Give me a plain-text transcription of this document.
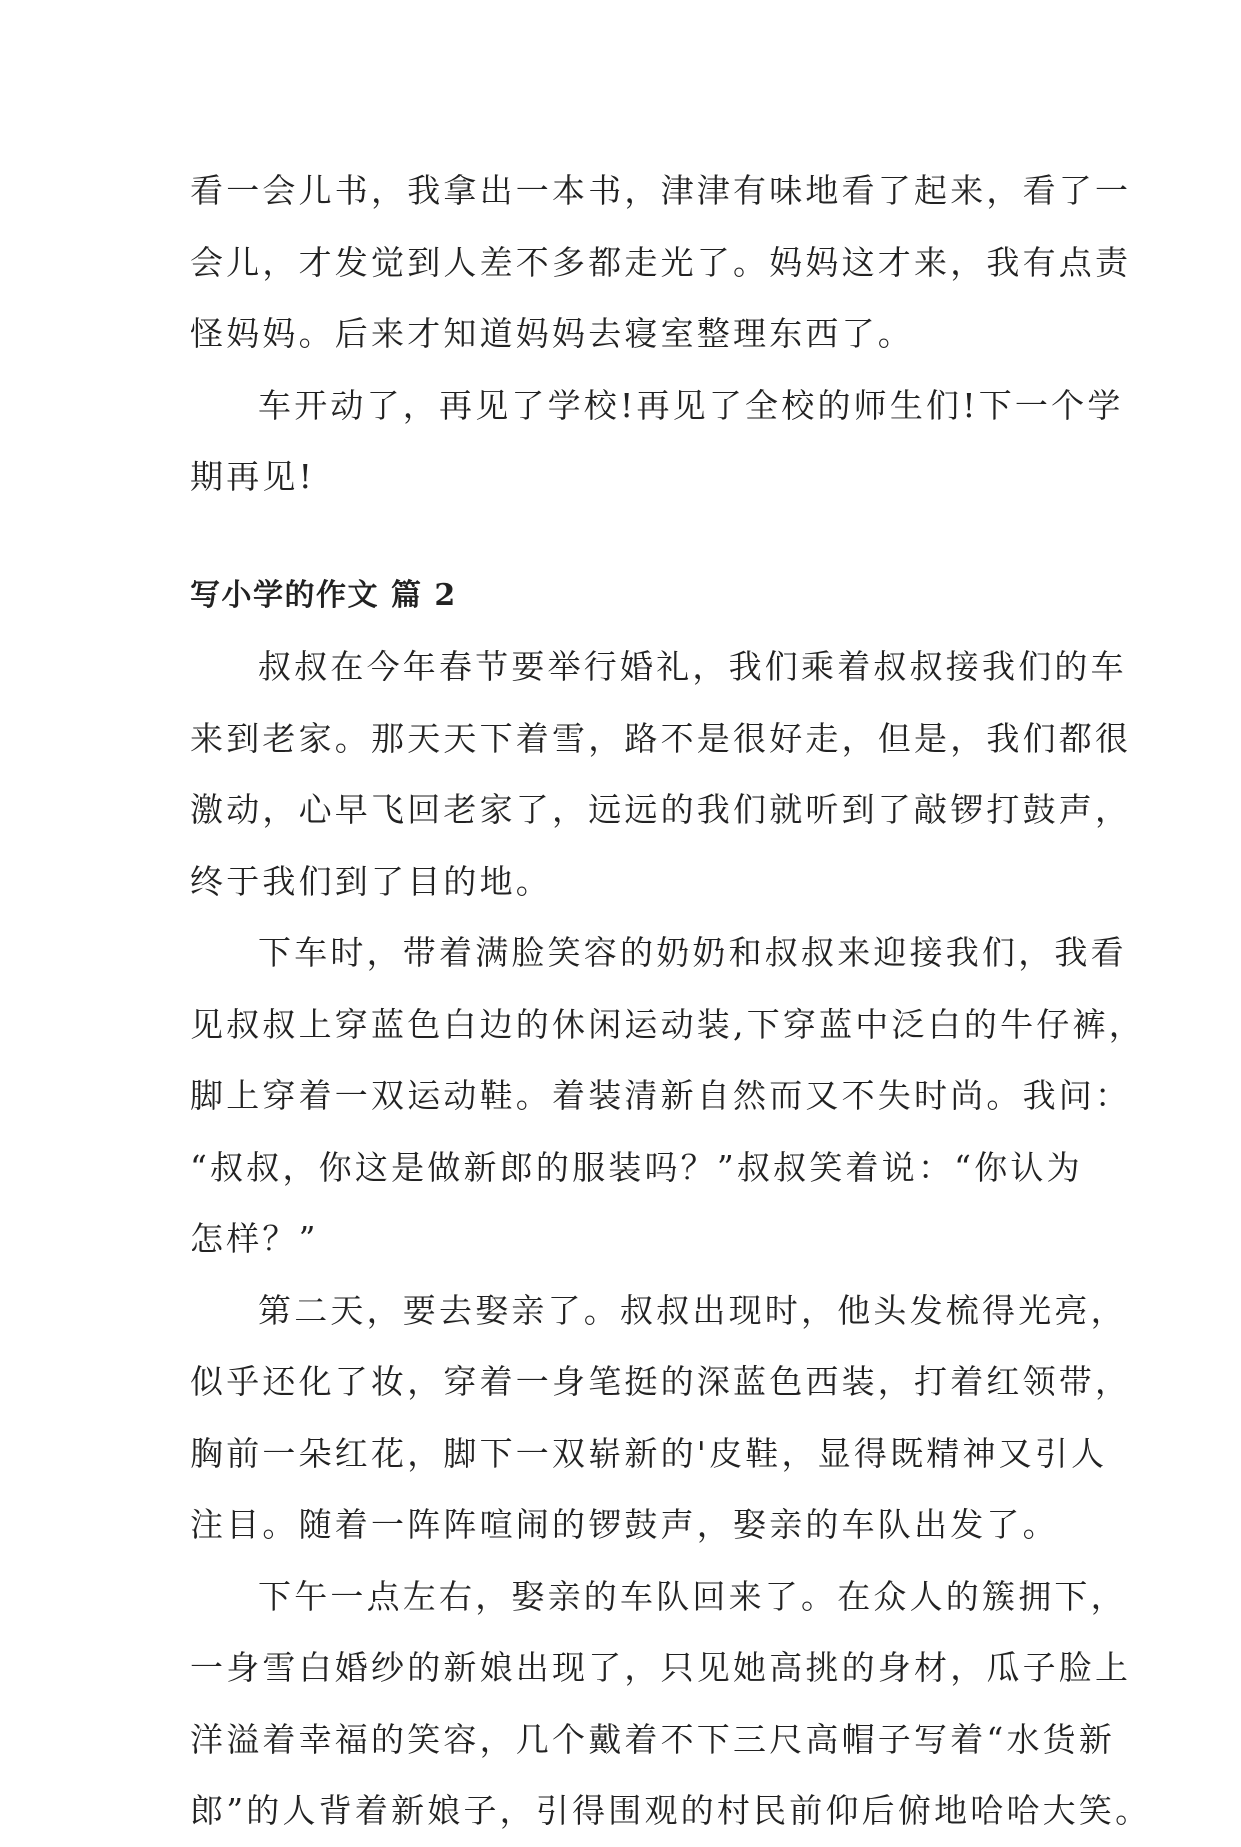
看一会儿书，我拿出一本书，津津有味地看了起来，看了一
会儿，才发觉到人差不多都走光了。妈妈这才来，我有点责
怪妈妈。后来才知道妈妈去寝室整理东西了。

车开动了，再见了学校!再见了全校的师生们!下一个学
期再见!

写小学的作文 篇 2

叔叔在今年春节要举行婚礼，我们乘着叔叔接我们的车
来到老家。那天天下着雪，路不是很好走，但是，我们都很
激动，心早飞回老家了，远远的我们就听到了敲锣打鼓声，
终于我们到了目的地。

下车时，带着满脸笑容的奶奶和叔叔来迎接我们，我看
见叔叔上穿蓝色白边的休闲运动装,下穿蓝中泛白的牛仔裤，
脚上穿着一双运动鞋。着装清新自然而又不失时尚。我问：
“叔叔，你这是做新郎的服装吗？”叔叔笑着说：“你认为
怎样？”

第二天，要去娶亲了。叔叔出现时，他头发梳得光亮，
似乎还化了妆，穿着一身笔挺的深蓝色西装，打着红领带，
胸前一朵红花，脚下一双崭新的'皮鞋，显得既精神又引人
注目。随着一阵阵喧闹的锣鼓声，娶亲的车队出发了。

下午一点左右，娶亲的车队回来了。在众人的簇拥下，
一身雪白婚纱的新娘出现了，只见她高挑的身材，瓜子脸上
洋溢着幸福的笑容，几个戴着不下三尺高帽子写着“水货新
郎”的人背着新娘子，引得围观的村民前仰后俯地哈哈大笑。
